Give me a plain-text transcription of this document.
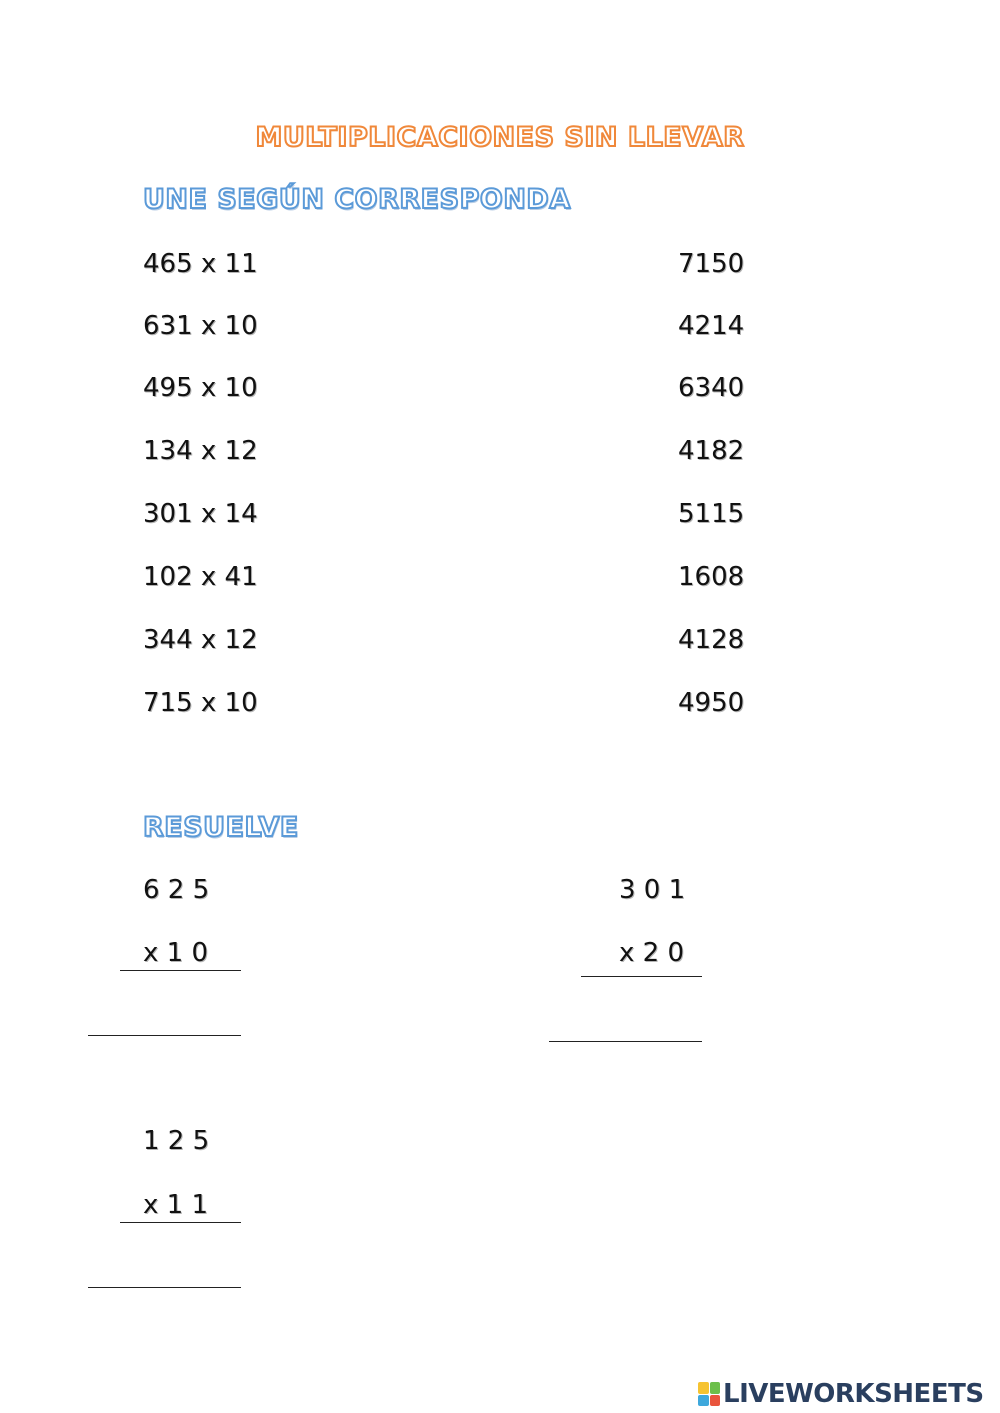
MULTIPLICACIONES SIN LLEVAR
UNE SEGÚN CORRESPONDA
465 x 11
631 x 10
495 x 10
134 x 12
301 x 14
102 x 41
344 x 12
715 x 10
7150
4214
6340
4182
5115
1608
4128
4950
RESUELVE
6 2 5
x 1 0
3 0 1
x 2 0
1 2 5
x 1 1
LIVEWORKSHEETS
